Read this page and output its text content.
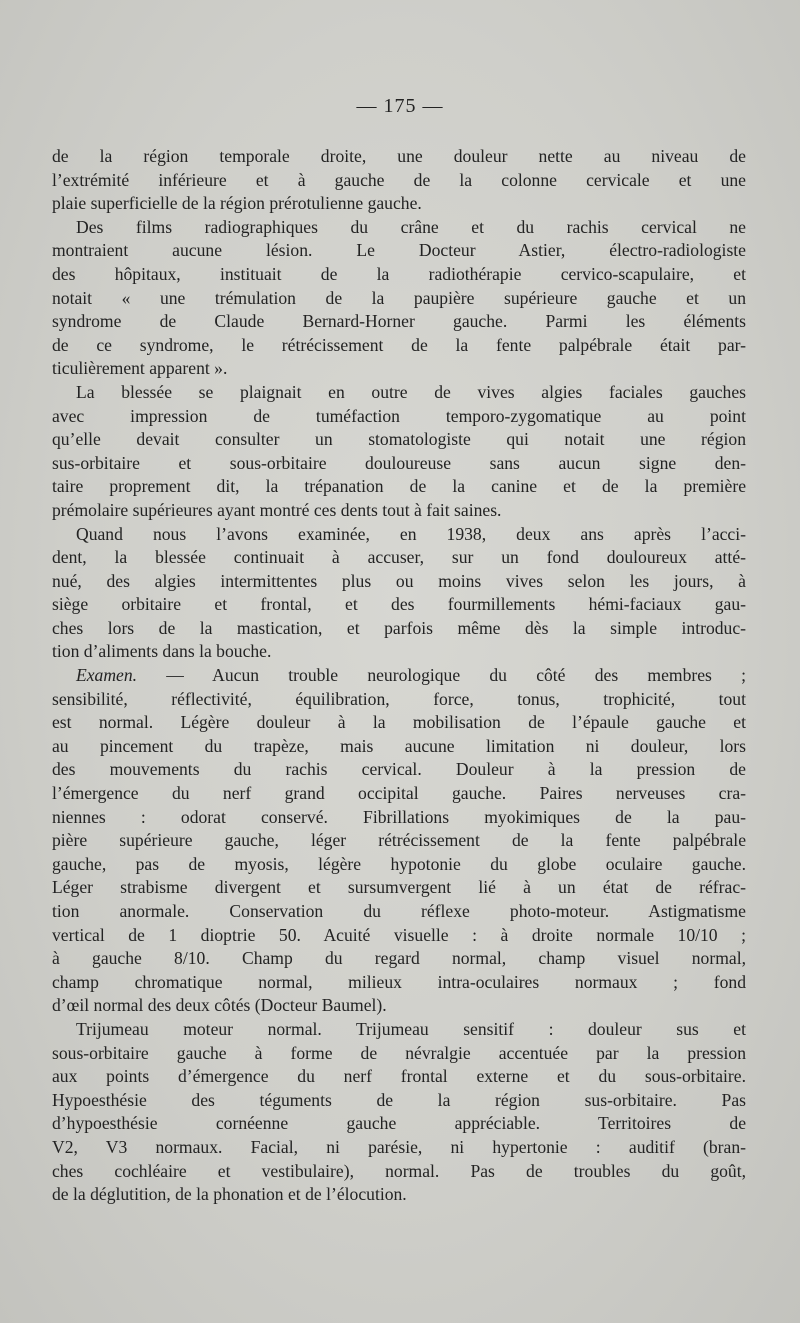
— 175 —
de la région temporale droite, une douleur nette au niveau de
l’extrémité inférieure et à gauche de la colonne cervicale et une
plaie superficielle de la région prérotulienne gauche.
Des films radiographiques du crâne et du rachis cervical ne
montraient aucune lésion. Le Docteur Astier, électro-radiologiste
des hôpitaux, instituait de la radiothérapie cervico-scapulaire, et
notait « une trémulation de la paupière supérieure gauche et un
syndrome de Claude Bernard-Horner gauche. Parmi les éléments
de ce syndrome, le rétrécissement de la fente palpébrale était par-
ticulièrement apparent ».
La blessée se plaignait en outre de vives algies faciales gauches
avec impression de tuméfaction temporo-zygomatique au point
qu’elle devait consulter un stomatologiste qui notait une région
sus-orbitaire et sous-orbitaire douloureuse sans aucun signe den-
taire proprement dit, la trépanation de la canine et de la première
prémolaire supérieures ayant montré ces dents tout à fait saines.
Quand nous l’avons examinée, en 1938, deux ans après l’acci-
dent, la blessée continuait à accuser, sur un fond douloureux atté-
nué, des algies intermittentes plus ou moins vives selon les jours, à
siège orbitaire et frontal, et des fourmillements hémi-faciaux gau-
ches lors de la mastication, et parfois même dès la simple introduc-
tion d’aliments dans la bouche.
Examen. — Aucun trouble neurologique du côté des membres ;
sensibilité, réflectivité, équilibration, force, tonus, trophicité, tout
est normal. Légère douleur à la mobilisation de l’épaule gauche et
au pincement du trapèze, mais aucune limitation ni douleur, lors
des mouvements du rachis cervical. Douleur à la pression de
l’émergence du nerf grand occipital gauche. Paires nerveuses cra-
niennes : odorat conservé. Fibrillations myokimiques de la pau-
pière supérieure gauche, léger rétrécissement de la fente palpébrale
gauche, pas de myosis, légère hypotonie du globe oculaire gauche.
Léger strabisme divergent et sursumvergent lié à un état de réfrac-
tion anormale. Conservation du réflexe photo-moteur. Astigmatisme
vertical de 1 dioptrie 50. Acuité visuelle : à droite normale 10/10 ;
à gauche 8/10. Champ du regard normal, champ visuel normal,
champ chromatique normal, milieux intra-oculaires normaux ; fond
d’œil normal des deux côtés (Docteur Baumel).
Trijumeau moteur normal. Trijumeau sensitif : douleur sus et
sous-orbitaire gauche à forme de névralgie accentuée par la pression
aux points d’émergence du nerf frontal externe et du sous-orbitaire.
Hypoesthésie des téguments de la région sus-orbitaire. Pas
d’hypoesthésie cornéenne gauche appréciable. Territoires de
V2, V3 normaux. Facial, ni parésie, ni hypertonie : auditif (bran-
ches cochléaire et vestibulaire), normal. Pas de troubles du goût,
de la déglutition, de la phonation et de l’élocution.
